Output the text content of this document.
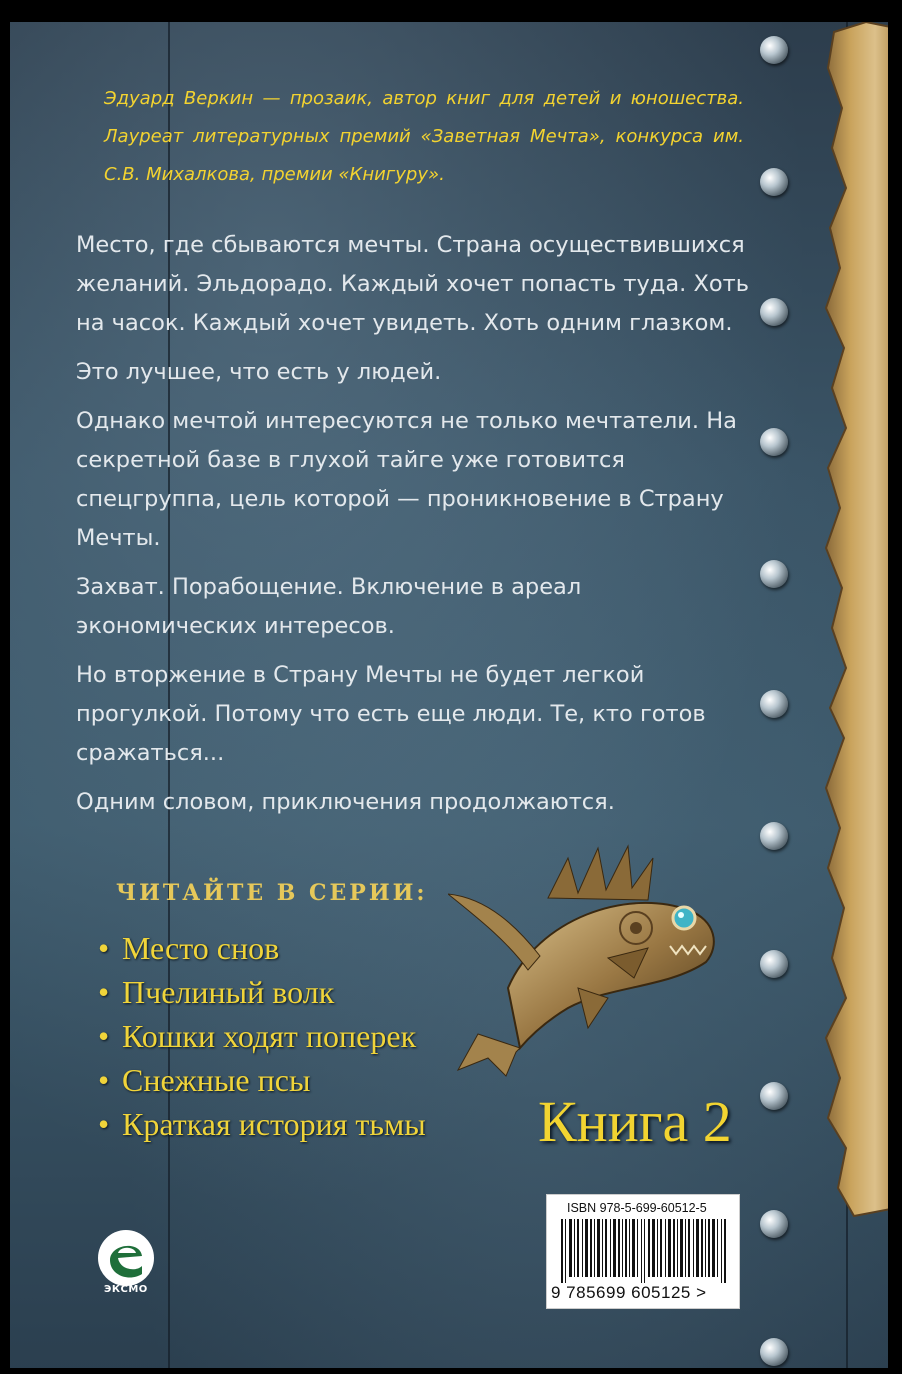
Эдуард Веркин — прозаик, автор книг для детей и юношества. Лауреат литературных премий «Заветная Мечта», конкурса им. С.В. Михалкова, премии «Книгуру».

Место, где сбываются мечты. Страна осуществившихся желаний. Эльдорадо. Каждый хочет попасть туда. Хоть на часок. Каждый хочет увидеть. Хоть одним глазком.

Это лучшее, что есть у людей.

Однако мечтой интересуются не только мечтатели. На секретной базе в глухой тайге уже готовится спецгруппа, цель которой — проникновение в Страну Мечты.

Захват. Порабощение. Включение в ареал экономических интересов.

Но вторжение в Страну Мечты не будет легкой прогулкой. Потому что есть еще люди. Те, кто готов сражаться...

Одним словом, приключения продолжаются.

ЧИТАЙТЕ В СЕРИИ:
• Место снов
• Пчелиный волк
• Кошки ходят поперек
• Снежные псы
• Краткая история тьмы Книга 2
ISBN 978-5-699-60512-5
9 785699 605125 >
ЭКСМО
